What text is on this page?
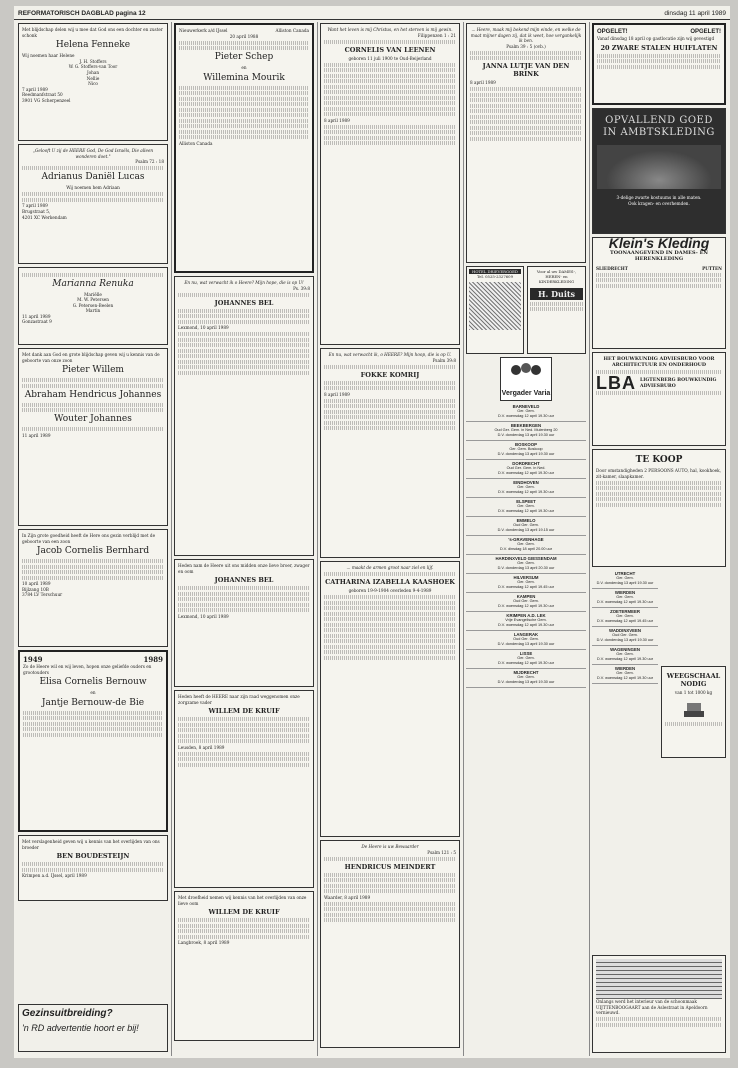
REFORMATORISCH DAGBLAD pagina 12	dinsdag 11 april 1989
Met blijdschap delen wij u mee dat God ons een dochter en zuster schonk
Helena Fenneke
Wij noemen haar Helene
J. H. Stoffers
W. G. Stoffers-van Toor
Johan
Nellie
Nico
7 april 1989
Reedmanfstraat 50
3901 VG Scherpenzeel
„Gelooft U zij de HEERE God, De God Israëls, Die alleen wonderen doet."
Psalm 72 : 18
Adrianus Daniël Lucas
Wij noemen hem Adriaan
7 april 1989
Brugstraat 5,
4201 XC Werkendam
Marianna Renuka
Mariëlle
M. W. Petersen
G. Petersen-Beelen
Martin
11 april 1989
Gonzastraat 9
Met dank aan God en grote blijdschap geven wij u kennis van de geboorte van onze zoon
Pieter Willem
Abraham Hendricus Johannes
Wouter Johannes
11 april 1989
In Zijn grote goedheid heeft de Here ons gezin verblijd met de geboorte van een zoon
Jacob Cornelis Bernhard
10 april 1989
Bijlzang 10B
3784 LV Terschuur
1949	1989
Zo de Heere wil en wij leven, hopen onze geliefde ouders en grootouders
Elisa Cornelis Bernouw
en
Jantje Bernouw-de Bie
Met verslagenheid geven wij u kennis van het overlijden van ons broeder
BEN BOUDESTEIJN
Krimpen a.d. IJssel, april 1989
Gezinsuitbreiding?
'n RD advertentie hoort er bij!
Nieuwerkerk a/d IJssel	Alliston Canada
20 april 1988
Pieter Schep
en
Willemina Mourik
Alliston Canada
En nu, wat verwacht ik o Heere? Mijn hope, die is op U!
Ps. 39:8
JOHANNES BEL
Lexmond, 10 april 1989
Heden nam de Heere uit ons midden onze lieve broer, zwager en oom
JOHANNES BEL
Lexmond, 10 april 1989
Heden heeft de HEERE naar zijn raad weggenomen onze zorgzame vader
WILLEM DE KRUIF
Leusden, 8 april 1989
Met droefheid nemen wij kennis van het overlijden van onze lieve oom
WILLEM DE KRUIF
Langbroek, 8 april 1989
Want het leven is mij Christus, en het sterven is mij gewin.
Filippenzen 1 : 21
CORNELIS VAN LEENEN
geboren 11 juli 1900 te Oud-Beijerland
8 april 1989
En nu, wat verwacht ik, o HEERE? Mijn hoop, die is op U.
Psalm 39:8
FOKKE KOMRIJ
8 april 1989
... maakt de armen groot naar ziel en lijf.
CATHARINA IZABELLA KAASHOEK
geboren 19-9-1904 overleden 9-4-1989
De Heere is uw Bewaarder
Psalm 121 : 5
HENDRICUS MEINDERT
Waarder, 8 april 1989
... Heere, maak mij bekend mijn einde, en welke de maat mijner dagen zij, dat ik weet, hoe vergankelijk ik ben.
Psalm 39 : 5 (ovb.)
JANNA LUTJE VAN DEN BRINK
8 april 1989
HOTEL DRIEVERGOED
Tel. 0525-2327609
Voor al uw DAMES-, HEREN- en KINDERKLEDING
H. Duits
Vergader Varia
BARNEVELD
Ger. Gem.
D.V. woensdag 12 april 19.30 uur
BEEKBERGEN
Oud Ger. Gem. in Ned. Mulenberg 20
D.V. donderdag 13 april 19.30 uur
BOSKOOP
Ger. Gem. Boskoop
D.V. donderdag 13 april 19.30 uur
DORDRECHT
Oud Ger. Gem. in Ned.
D.V. woensdag 12 april 19.30 uur
EINDHOVEN
Ger. Gem.
D.V. woensdag 12 april 19.30 uur
ELSPEET
Ger. Gem.
D.V. woensdag 12 april 19.30 uur
EMMELO
Oud Ger. Gem.
D.V. donderdag 13 april 19.15 uur
's-GRAVENHAGE
Ger. Gem.
D.V. dinsdag 18 april 20.00 uur
HARDINXVELD GIESSENDAM
Ger. Gem.
D.V. donderdag 13 april 20.30 uur
HILVERSUM
Ger. Gem.
D.V. woensdag 12 april 19.45 uur
KAMPEN
Oud Ger. Gem.
D.V. woensdag 12 april 19.30 uur
KRIMPEN A.D. LEK
Vrije Evangelische Gem.
D.V. woensdag 12 april 19.30 uur
LANGERAK
Oud Ger. Gem.
D.V. donderdag 13 april 19.30 uur
LISSE
Ger. Gem.
D.V. woensdag 12 april 19.30 uur
MIJDRECHT
Ger. Gem.
D.V. donderdag 13 april 19.30 uur
OPGELET!	OPGELET!
Vanaf dinsdag 18 april op gastlocatie zijn wij gevestigd
20 ZWARE STALEN HUIFLATEN
OPVALLEND GOED IN AMBTSKLEDING
3-delige zwarte kostuums in alle maten.
Ook kragen- en overhemden.
Klein's Kleding
TOONAANGEVEND IN DAMES- EN HERENKLEDING
SLIEDRECHT	PUTTEN
HET BOUWKUNDIG ADVIESBURO VOOR ARCHITECTUUR EN ONDERHOUD
LBA LIGTENBERG BOUWKUNDIG ADVIESBURO
TE KOOP
Door omstandigheden 2 PERSOONS AUTO, hal, kookhoek, zit-kamer, slaapkamer.
UTRECHT
Ger. Gem.
D.V. donderdag 13 april 19.30 uur
WIERDEN
Ger. Gem.
D.V. woensdag 12 april 19.30 uur
ZOETERMEER
Ger. Gem.
D.V. woensdag 12 april 19.45 uur
WADDINXVEEN
Oud Ger. Gem.
D.V. donderdag 13 april 19.30 uur
WAGENINGEN
Ger. Gem.
D.V. woensdag 12 april 19.30 uur
WIERDEN
Ger. Gem.
D.V. woensdag 12 april 19.30 uur	WEEGSCHAAL NODIG
van 1 tot 1000 kg
Onlangs werd het interieur van de schoonmaak UIJTTENBOOGAART aan de Aslestraat in Apeldoorn vernieuwd.
